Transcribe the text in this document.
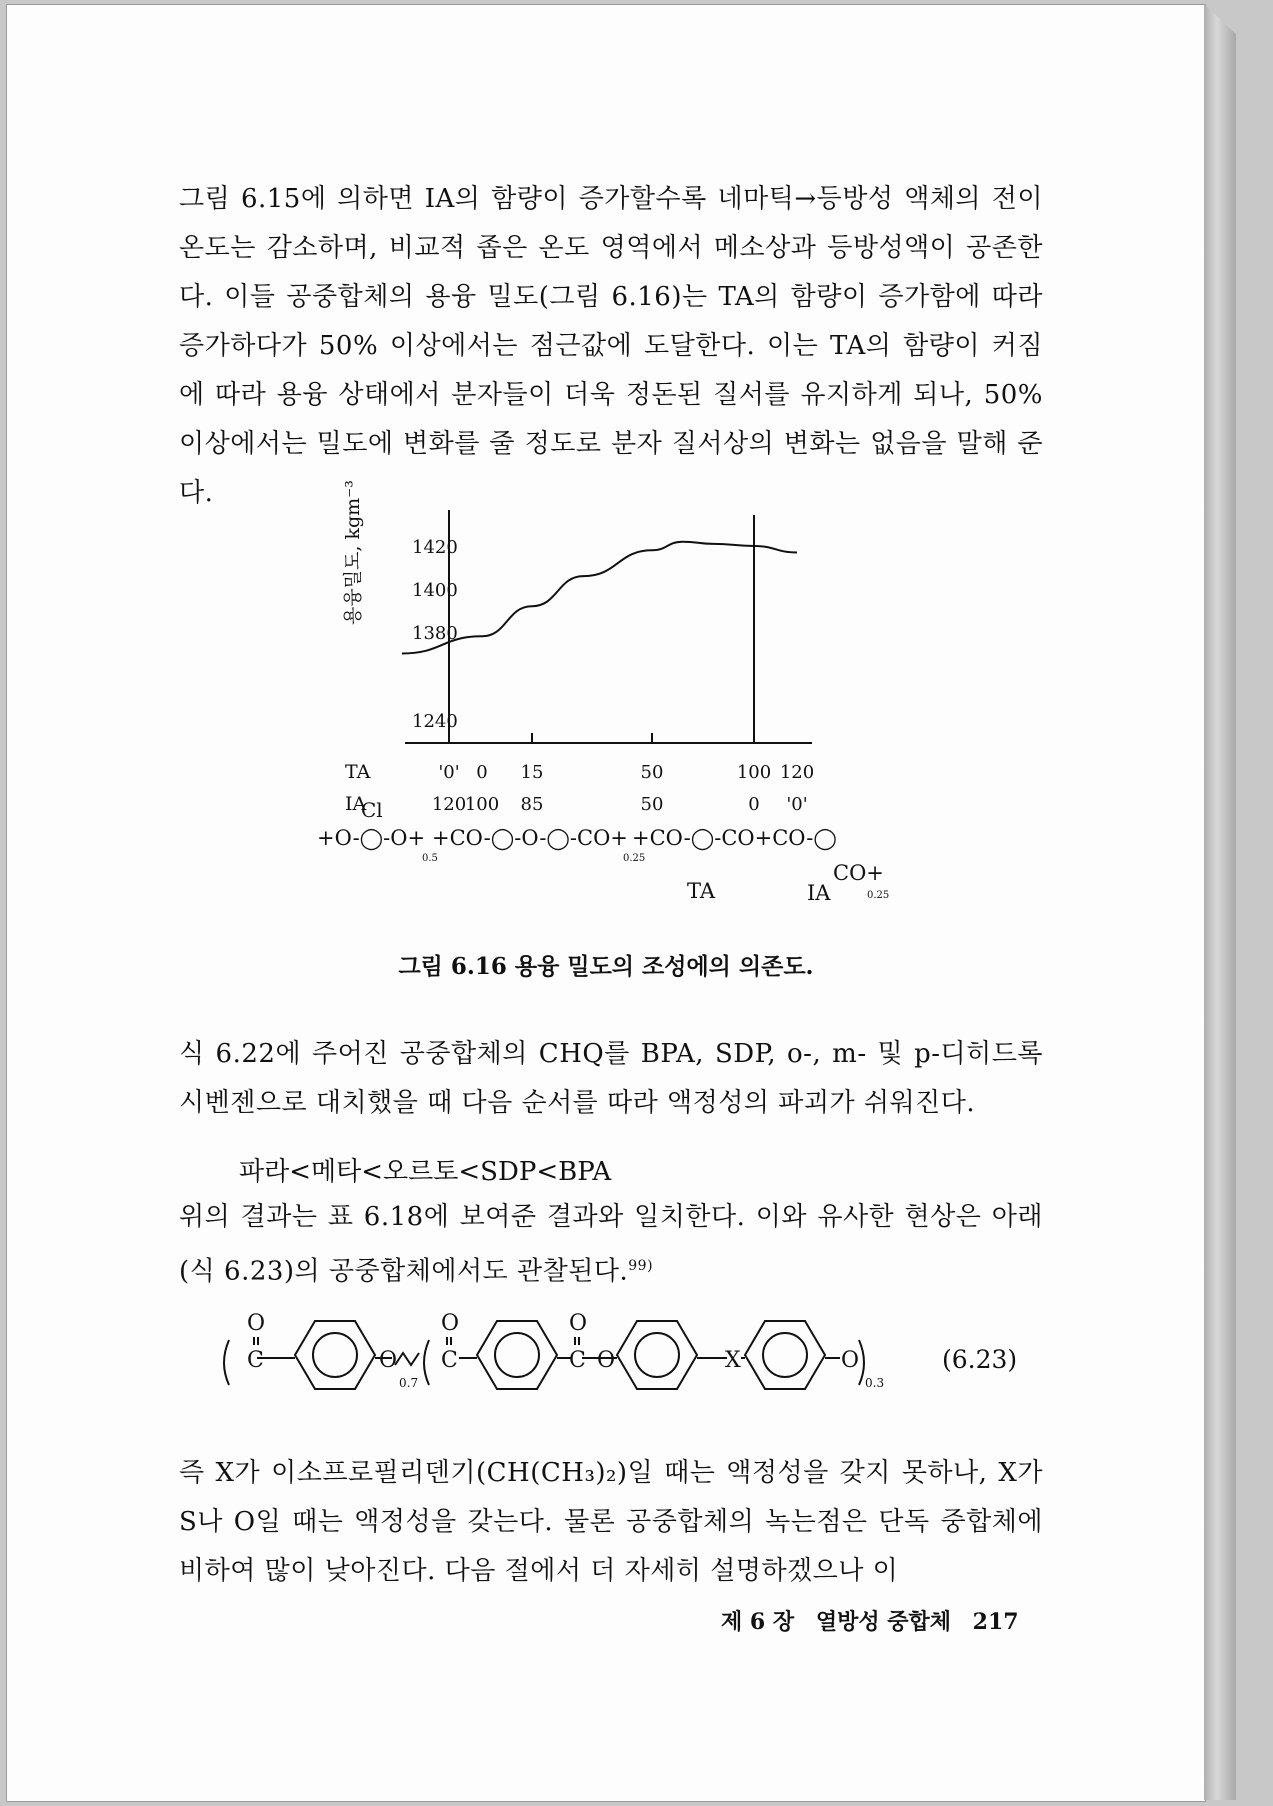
그림 6.15에 의하면 IA의 함량이 증가할수록 네마틱→등방성 액체의 전이온도는 감소하며, 비교적 좁은 온도 영역에서 메소상과 등방성액이 공존한다. 이들 공중합체의 용융 밀도(그림 6.16)는 TA의 함량이 증가함에 따라 증가하다가 50% 이상에서는 점근값에 도달한다. 이는 TA의 함량이 커짐에 따라 용융 상태에서 분자들이 더욱 정돈된 질서를 유지하게 되나, 50% 이상에서는 밀도에 변화를 줄 정도로 분자 질서상의 변화는 없음을 말해 준다.	용융밀도, kgm⁻³	1420
1400
1380
1240
TA	'0' 0 15	50	100 120
IA	120
100 85	50	0 '0'
Cl
+O-◯-O+
0.5
+CO-◯-O-◯-CO+
0.25
+CO-◯-CO+CO-◯
CO+
0.25
TA	IA
그림 6.16 용융 밀도의 조성에의 의존도.
식 6.22에 주어진 공중합체의 CHQ를 BPA, SDP, o-, m- 및 p-디히드록시벤젠으로 대치했을 때 다음 순서를 따라 액정성의 파괴가 쉬워진다.
파라<메타<오르토<SDP<BPA
위의 결과는 표 6.18에 보여준 결과와 일치한다. 이와 유사한 현상은 아래(식 6.23)의 공중합체에서도 관찰된다.$^{99)}$
O
C	O
0.7
O
C
O
C O	X	O
0.3
(6.23)

즉 X가 이소프로필리덴기(CH(CH₃)₂)일 때는 액정성을 갖지 못하나, X가 S나 O일 때는 액정성을 갖는다. 물론 공중합체의 녹는점은 단독 중합체에 비하여 많이 낮아진다. 다음 절에서 더 자세히 설명하겠으나 이

제 6 장 열방성 중합체 217
